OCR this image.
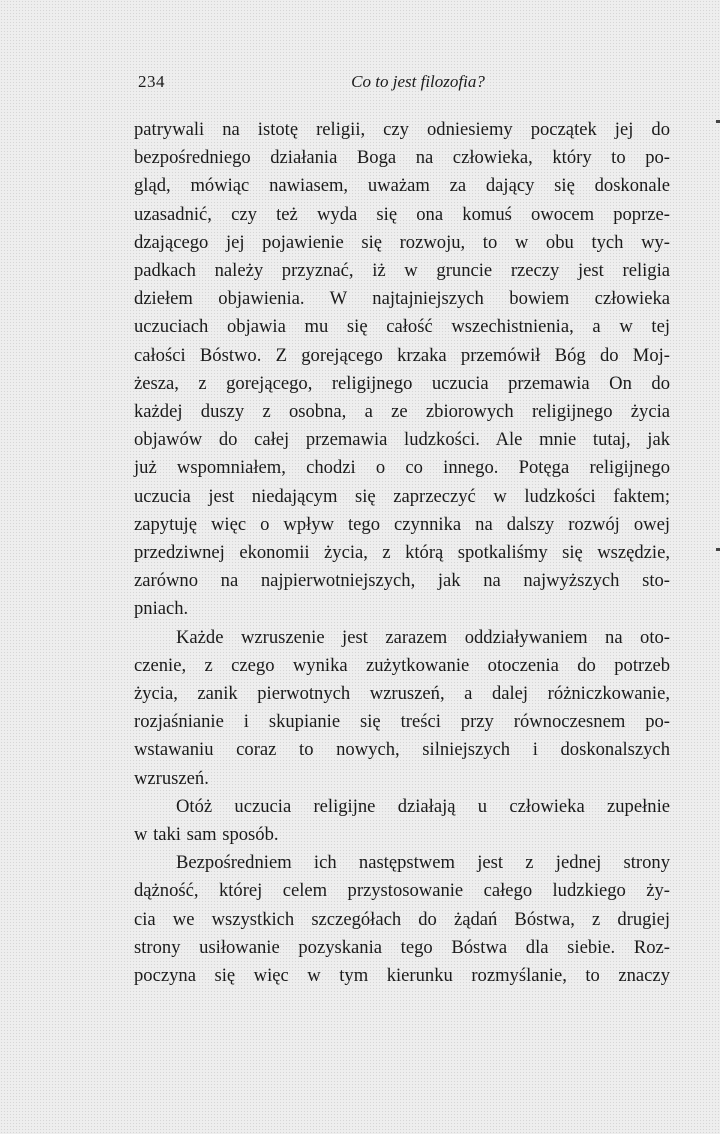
234	Co to jest filozofia?
patrywali na istotę religii, czy odniesiemy początek jej do
bezpośredniego działania Boga na człowieka, który to po-
gląd, mówiąc nawiasem, uważam za dający się doskonale
uzasadnić, czy też wyda się ona komuś owocem poprze-
dzającego jej pojawienie się rozwoju, to w obu tych wy-
padkach należy przyznać, iż w gruncie rzeczy jest religia
dziełem objawienia. W najtajniejszych bowiem człowieka
uczuciach objawia mu się całość wszechistnienia, a w tej
całości Bóstwo. Z gorejącego krzaka przemówił Bóg do Moj-
żesza, z gorejącego, religijnego uczucia przemawia On do
każdej duszy z osobna, a ze zbiorowych religijnego życia
objawów do całej przemawia ludzkości. Ale mnie tutaj, jak
już wspomniałem, chodzi o co innego. Potęga religijnego
uczucia jest niedającym się zaprzeczyć w ludzkości faktem;
zapytuję więc o wpływ tego czynnika na dalszy rozwój owej
przedziwnej ekonomii życia, z którą spotkaliśmy się wszędzie,
zarówno na najpierwotniejszych, jak na najwyższych sto-
pniach.
Każde wzruszenie jest zarazem oddziaływaniem na oto-
czenie, z czego wynika zużytkowanie otoczenia do potrzeb
życia, zanik pierwotnych wzruszeń, a dalej różniczkowanie,
rozjaśnianie i skupianie się treści przy równoczesnem po-
wstawaniu coraz to nowych, silniejszych i doskonalszych
wzruszeń.
Otóż uczucia religijne działają u człowieka zupełnie
w taki sam sposób.
Bezpośredniem ich następstwem jest z jednej strony
dążność, której celem przystosowanie całego ludzkiego ży-
cia we wszystkich szczegółach do żądań Bóstwa, z drugiej
strony usiłowanie pozyskania tego Bóstwa dla siebie. Roz-
poczyna się więc w tym kierunku rozmyślanie, to znaczy
